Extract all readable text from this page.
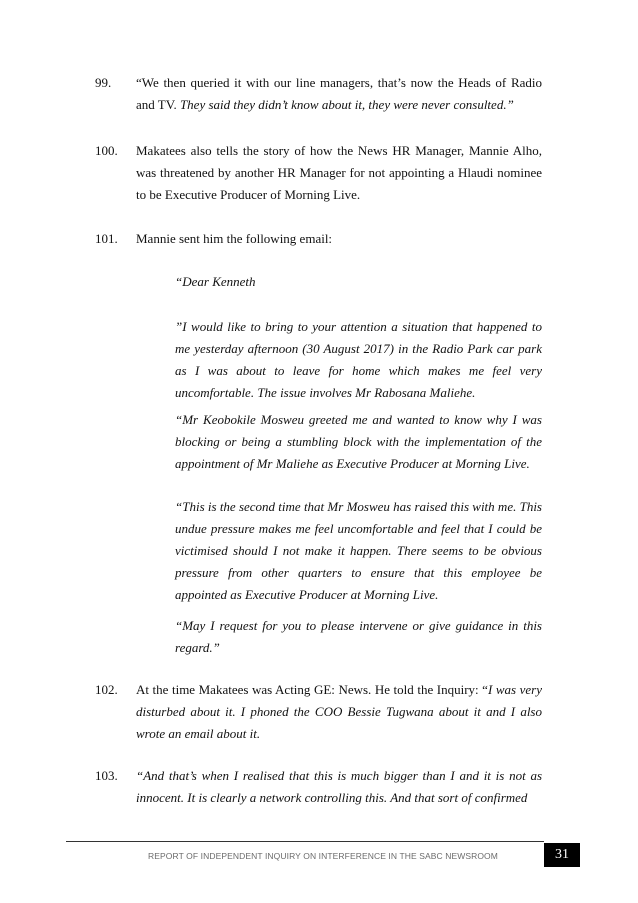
99. “We then queried it with our line managers, that’s now the Heads of Radio and TV. They said they didn’t know about it, they were never consulted.”
100. Makatees also tells the story of how the News HR Manager, Mannie Alho, was threatened by another HR Manager for not appointing a Hlaudi nominee to be Executive Producer of Morning Live.
101. Mannie sent him the following email:
“Dear Kenneth
”I would like to bring to your attention a situation that happened to me yesterday afternoon (30 August 2017) in the Radio Park car park as I was about to leave for home which makes me feel very uncomfortable. The issue involves Mr Rabosana Maliehe.
“Mr Keobokile Mosweu greeted me and wanted to know why I was blocking or being a stumbling block with the implementation of the appointment of Mr Maliehe as Executive Producer at Morning Live.
“This is the second time that Mr Mosweu has raised this with me. This undue pressure makes me feel uncomfortable and feel that I could be victimised should I not make it happen. There seems to be obvious pressure from other quarters to ensure that this employee be appointed as Executive Producer at Morning Live.
“May I request for you to please intervene or give guidance in this regard.”
102. At the time Makatees was Acting GE: News. He told the Inquiry: “I was very disturbed about it. I phoned the COO Bessie Tugwana about it and I also wrote an email about it.
103. “And that’s when I realised that this is much bigger than I and it is not as innocent. It is clearly a network controlling this. And that sort of confirmed
REPORT OF INDEPENDENT INQUIRY ON INTERFERENCE IN THE SABC NEWSROOM	31
